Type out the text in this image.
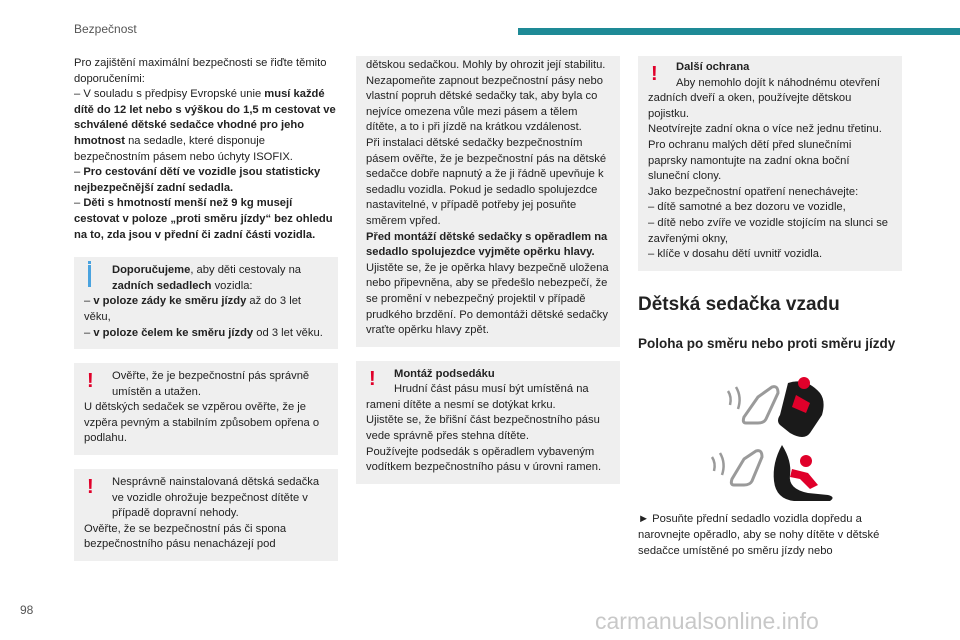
Bezpečnost

Pro zajištění maximální bezpečnosti se řiďte těmito doporučeními:

– V souladu s předpisy Evropské unie musí každé dítě do 12 let nebo s výškou do 1,5 m cestovat ve schválené dětské sedačce vhodné pro jeho hmotnost na sedadle, které disponuje bezpečnostním pásem nebo úchyty ISOFIX.

– Pro cestování dětí ve vozidle jsou statisticky nejbezpečnější zadní sedadla.

– Děti s hmotností menší než 9 kg musejí cestovat v poloze „proti směru jízdy“ bez ohledu na to, zda jsou v přední či zadní části vozidla.

Doporučujeme, aby děti cestovaly na zadních sedadlech vozidla:

– v poloze zády ke směru jízdy až do 3 let věku,

– v poloze čelem ke směru jízdy od 3 let věku.

!	Ověřte, že je bezpečnostní pás správně umístěn a utažen.

U dětských sedaček se vzpěrou ověřte, že je vzpěra pevným a stabilním způsobem opřena o podlahu.

!	Nesprávně nainstalovaná dětská sedačka ve vozidle ohrožuje bezpečnost dítěte v případě dopravní nehody.

Ověřte, že se bezpečnostní pás či spona bezpečnostního pásu nenacházejí pod

dětskou sedačkou. Mohly by ohrozit její stabilitu.

Nezapomeňte zapnout bezpečnostní pásy nebo vlastní popruh dětské sedačky tak, aby byla co nejvíce omezena vůle mezi pásem a tělem dítěte, a to i při jízdě na krátkou vzdálenost.

Při instalaci dětské sedačky bezpečnostním pásem ověřte, že je bezpečnostní pás na dětské sedačce dobře napnutý a že ji řádně upevňuje k sedadlu vozidla. Pokud je sedadlo spolujezdce nastavitelné, v případě potřeby jej posuňte směrem vpřed.

Před montáží dětské sedačky s opěradlem na sedadlo spolujezdce vyjměte opěrku hlavy.

Ujistěte se, že je opěrka hlavy bezpečně uložena nebo připevněna, aby se předešlo nebezpečí, že se promění v nebezpečný projektil v případě prudkého brzdění. Po demontáži dětské sedačky vraťte opěrku hlavy zpět.

!	Montáž podsedáku

Hrudní část pásu musí být umístěná na rameni dítěte a nesmí se dotýkat krku.

Ujistěte se, že břišní část bezpečnostního pásu vede správně přes stehna dítěte.

Používejte podsedák s opěradlem vybaveným vodítkem bezpečnostního pásu v úrovni ramen.

!	Další ochrana

Aby nemohlo dojít k náhodnému otevření zadních dveří a oken, používejte dětskou pojistku.

Neotvírejte zadní okna o více než jednu třetinu.

Pro ochranu malých dětí před slunečními paprsky namontujte na zadní okna boční sluneční clony.

Jako bezpečnostní opatření nenechávejte:

– dítě samotné a bez dozoru ve vozidle,

– dítě nebo zvíře ve vozidle stojícím na slunci se zavřenými okny,

– klíče v dosahu dětí uvnitř vozidla.

Dětská sedačka vzadu
Poloha po směru nebo proti směru jízdy

► Posuňte přední sedadlo vozidla dopředu a narovnejte opěradlo, aby se nohy dítěte v dětské sedačce umístěné po směru jízdy nebo

98	carmanualsonline.info
